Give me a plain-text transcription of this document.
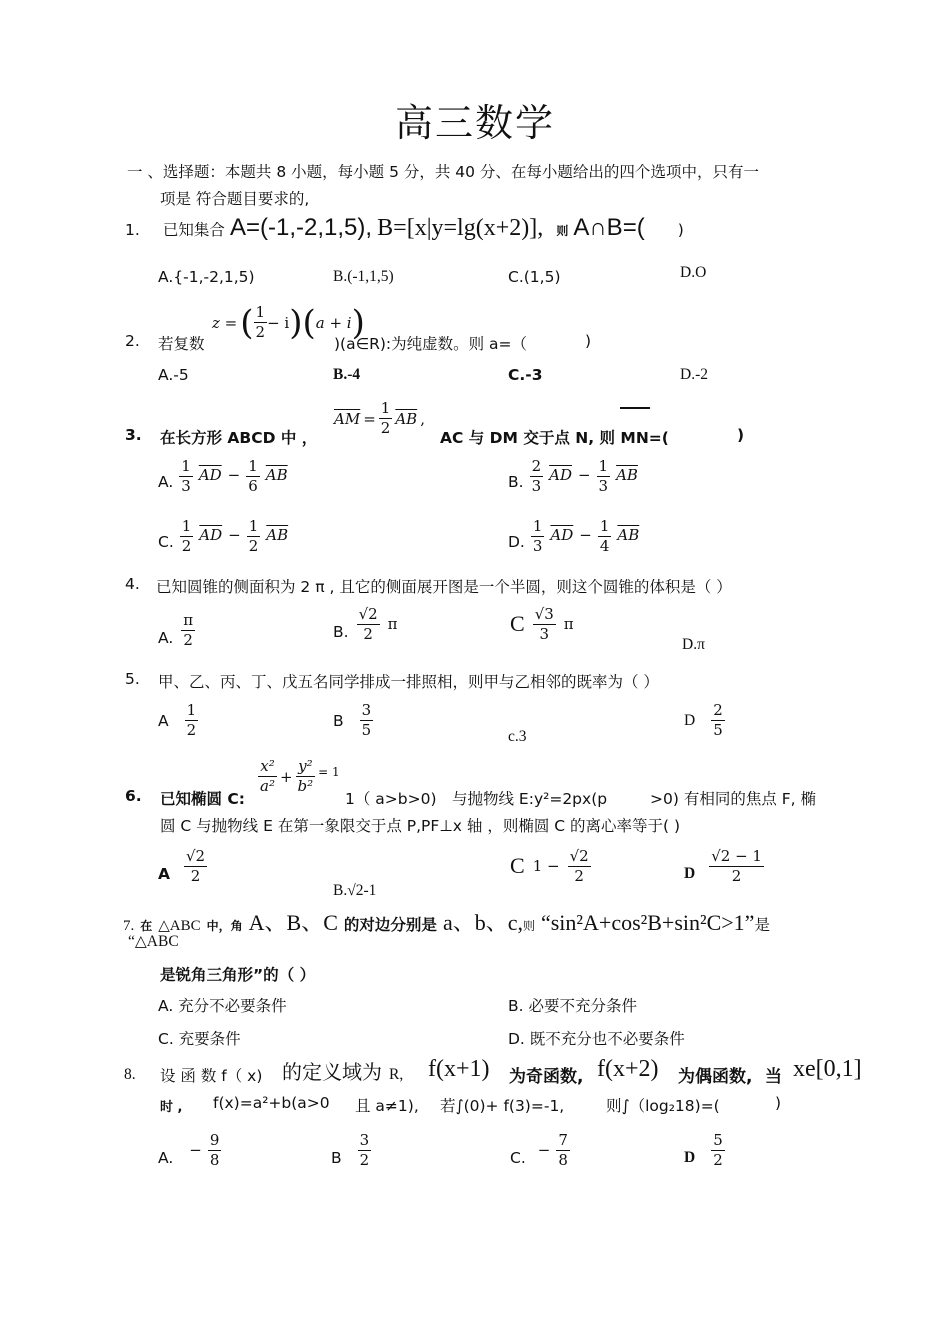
高三数学
一 、选择题：本题共 8 小题，每小题 5 分，共 40 分、在每小题给出的四个选项中，只有一
项是 符合题目要求的,
1. 已知集合 A=(-1,-2,1,5), B=[x|y=lg(x+2)], 则 A∩B=( )
A.{-1,-2,1,5)	B.(-1,1,5)	C.(1,5)	D.O
2. 若复数
z = ( $\frac{1}{2} - i$ )( a + i )
)(a∈R):为纯虚数。则 a=（	)
A.-5	B.-4	C.-3	D.-2
3. 在长方形 ABCD 中 ，
$\overline{AM} = \frac{1}{2} \overline{AB}$ ,
AC 与 DM 交于点 N, 则 MN=(	)
A. $\frac{1}{3} \overline{AD} - \frac{1}{6} \overline{AB}$	B. $\frac{2}{3} \overline{AD} - \frac{1}{3} \overline{AB}$
C. $\frac{1}{2} \overline{AD} - \frac{1}{2} \overline{AB}$	D. $\frac{1}{3} \overline{AD} - \frac{1}{4} \overline{AB}$
4. 已知圆锥的侧面积为 2 π , 且它的侧面展开图是一个半圆，则这个圆锥的体积是（ ）
A. $\frac{\pi}{2}$	B. $\frac{√2}{2}$ π	C $\frac{√3}{3}$ π
D.π
5. 甲、乙、丙、丁、戊五名同学排成一排照相，则甲与乙相邻的既率为（ ）
A $\frac{1}{2}$	B $\frac{3}{5}$	c.3
D $\frac{2}{5}$
6. 已知椭圆 C:
$\frac{\text{x²}}{\text{a²}} + \frac{\text{y²}}{\text{b²}} = 1$
1（ a>b>0) 与抛物线 E:y²=2px(p	>0) 有相同的焦点 F, 椭
圆 C 与抛物线 E 在第一象限交于点 P,PF⊥x 轴 ，则椭圆 C 的离心率等于( )
A $\frac{√2}{2}$
B.√2-1
C $1 - \frac{√2}{2}$	D $\frac{√2 - 1}{2}$
7. 在 △ABC 中，角 A、B、C 的对边分别是 a、b、c, 则 “sin²A+cos²B+sin²C>1” 是
“△ABC
是锐角三角形”的（ ）
A. 充分不必要条件	B. 必要不充分条件
C. 充要条件	D. 既不充分也不必要条件
8. 设 函 数 f（ x) 的定义域为 R, f(x+1) 为奇函数, f(x+2) 为偶函数, 当 xe[0,1]
时 , f(x)=a²+b(a>0 且 a≠1), 若∫(0)+ f(3)=-1,	则∫（log₂18)=(	)
A. − $\frac{9}{8}$	B $\frac{3}{2}$	C. − $\frac{7}{8}$	D $\frac{5}{2}$
